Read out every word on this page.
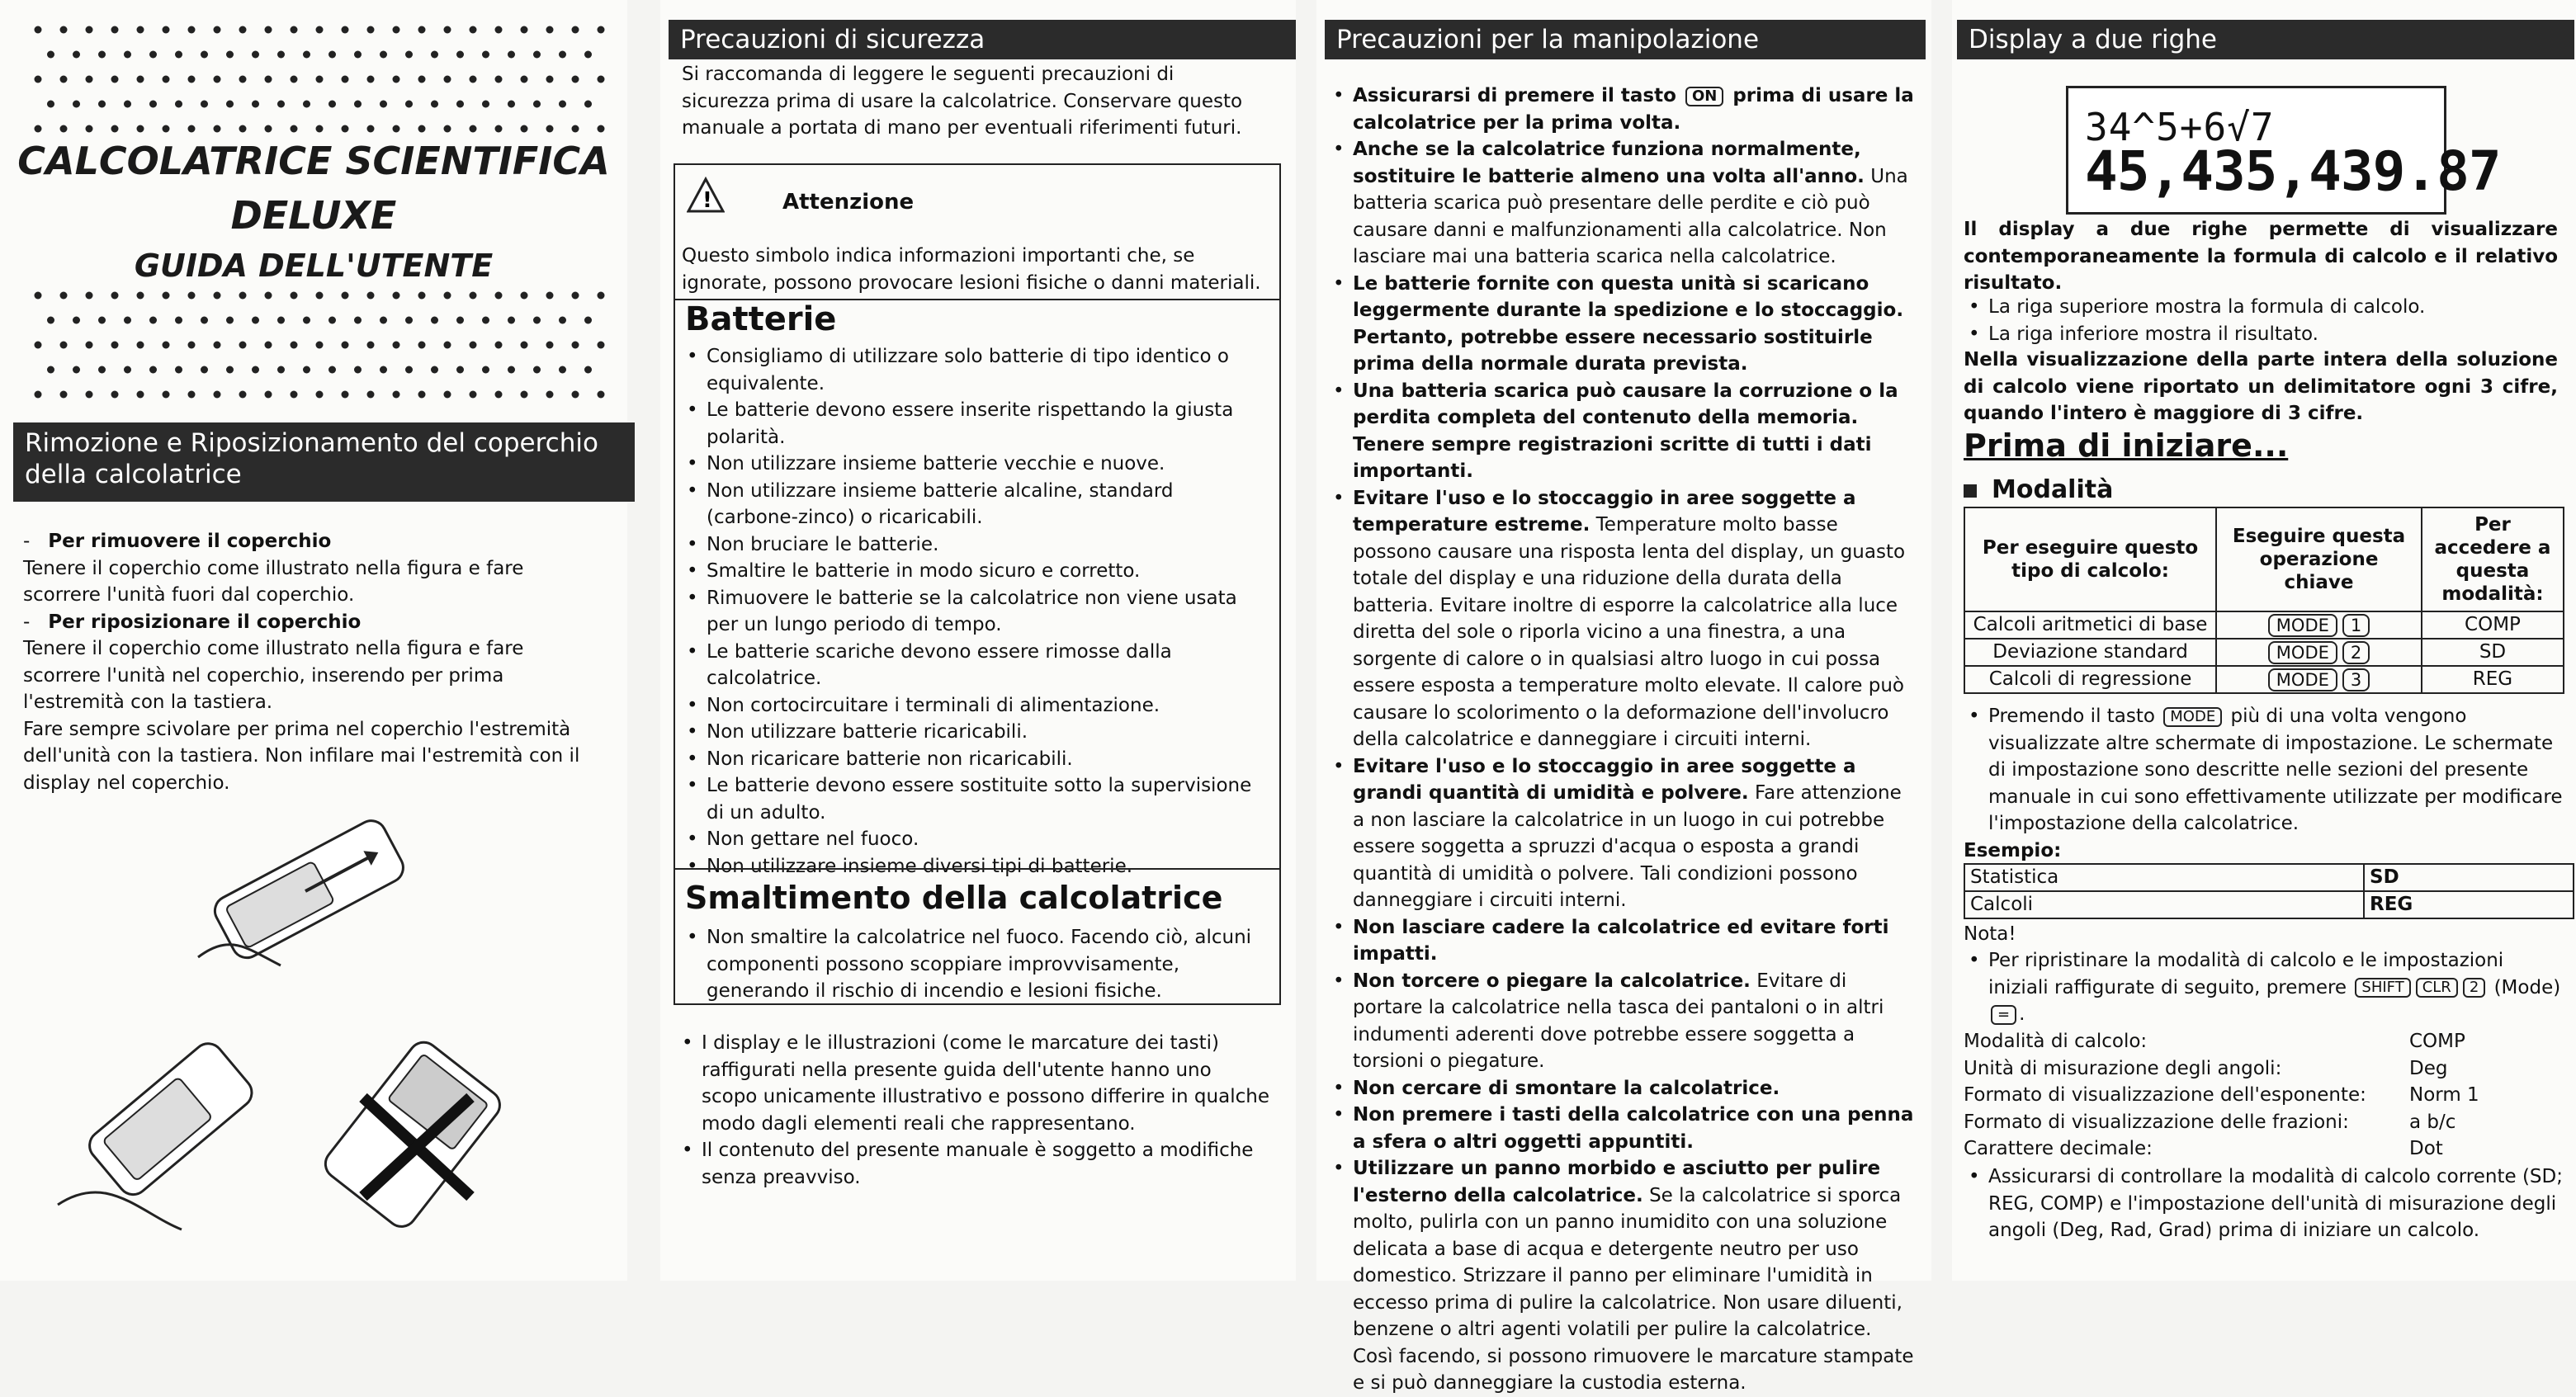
CALCOLATRICE SCIENTIFICA
DELUXE
GUIDA DELL'UTENTE
Rimozione e Riposizionamento del coperchio
della calcolatrice

-   Per rimuovere il coperchio

Tenere il coperchio come illustrato nella figura e fare scorrere l'unità fuori dal coperchio.

-   Per riposizionare il coperchio

Tenere il coperchio come illustrato nella figura e fare scorrere l'unità nel coperchio, inserendo per prima l'estremità con la tastiera.

Fare sempre scivolare per prima nel coperchio l'estremità dell'unità con la tastiera. Non infilare mai l'estremità con il display nel coperchio.

Precauzioni di sicurezza

Si raccomanda di leggere le seguenti precauzioni di sicurezza prima di usare la calcolatrice. Conservare questo manuale a portata di mano per eventuali riferimenti futuri.

!	Attenzione

Questo simbolo indica informazioni importanti che, se ignorate, possono provocare lesioni fisiche o danni materiali.

Batterie
• Consigliamo di utilizzare solo batterie di tipo identico o equivalente.
• Le batterie devono essere inserite rispettando la giusta polarità.
• Non utilizzare insieme batterie vecchie e nuove.
• Non utilizzare insieme batterie alcaline, standard (carbone-zinco) o ricaricabili.
• Non bruciare le batterie.
• Smaltire le batterie in modo sicuro e corretto.
• Rimuovere le batterie se la calcolatrice non viene usata per un lungo periodo di tempo.
• Le batterie scariche devono essere rimosse dalla calcolatrice.
• Non cortocircuitare i terminali di alimentazione.
• Non utilizzare batterie ricaricabili.
• Non ricaricare batterie non ricaricabili.
• Le batterie devono essere sostituite sotto la supervisione di un adulto.
• Non gettare nel fuoco.
• Non utilizzare insieme diversi tipi di batterie.
Smaltimento della calcolatrice
• Non smaltire la calcolatrice nel fuoco. Facendo ciò, alcuni componenti possono scoppiare improvvisamente, generando il rischio di incendio e lesioni fisiche.
• I display e le illustrazioni (come le marcature dei tasti) raffigurati nella presente guida dell'utente hanno uno scopo unicamente illustrativo e possono differire in qualche modo dagli elementi reali che rappresentano.
• Il contenuto del presente manuale è soggetto a modifiche senza preavviso.
Precauzioni per la manipolazione
• Assicurarsi di premere il tasto ON prima di usare la calcolatrice per la prima volta.
• Anche se la calcolatrice funziona normalmente, sostituire le batterie almeno una volta all'anno. Una batteria scarica può presentare delle perdite e ciò può causare danni e malfunzionamenti alla calcolatrice. Non lasciare mai una batteria scarica nella calcolatrice.
• Le batterie fornite con questa unità si scaricano leggermente durante la spedizione e lo stoccaggio. Pertanto, potrebbe essere necessario sostituirle prima della normale durata prevista.
• Una batteria scarica può causare la corruzione o la perdita completa del contenuto della memoria. Tenere sempre registrazioni scritte di tutti i dati importanti.
• Evitare l'uso e lo stoccaggio in aree soggette a temperature estreme. Temperature molto basse possono causare una risposta lenta del display, un guasto totale del display e una riduzione della durata della batteria. Evitare inoltre di esporre la calcolatrice alla luce diretta del sole o riporla vicino a una finestra, a una sorgente di calore o in qualsiasi altro luogo in cui possa essere esposta a temperature molto elevate. Il calore può causare lo scolorimento o la deformazione dell'involucro della calcolatrice e danneggiare i circuiti interni.
• Evitare l'uso e lo stoccaggio in aree soggette a grandi quantità di umidità e polvere. Fare attenzione a non lasciare la calcolatrice in un luogo in cui potrebbe essere soggetta a spruzzi d'acqua o esposta a grandi quantità di umidità o polvere. Tali condizioni possono danneggiare i circuiti interni.
• Non lasciare cadere la calcolatrice ed evitare forti impatti.
• Non torcere o piegare la calcolatrice. Evitare di portare la calcolatrice nella tasca dei pantaloni o in altri indumenti aderenti dove potrebbe essere soggetta a torsioni o piegature.
• Non cercare di smontare la calcolatrice.
• Non premere i tasti della calcolatrice con una penna a sfera o altri oggetti appuntiti.
• Utilizzare un panno morbido e asciutto per pulire l'esterno della calcolatrice. Se la calcolatrice si sporca molto, pulirla con un panno inumidito con una soluzione delicata a base di acqua e detergente neutro per uso domestico. Strizzare il panno per eliminare l'umidità in eccesso prima di pulire la calcolatrice. Non usare diluenti, benzene o altri agenti volatili per pulire la calcolatrice. Così facendo, si possono rimuovere le marcature stampate e si può danneggiare la custodia esterna.
Display a due righe
34^5+6√7
45,435,439.87

Il display a due righe permette di visualizzare contemporaneamente la formula di calcolo e il relativo risultato.

• La riga superiore mostra la formula di calcolo.
• La riga inferiore mostra il risultato.

Nella visualizzazione della parte intera della soluzione di calcolo viene riportato un delimitatore ogni 3 cifre, quando l'intero è maggiore di 3 cifre.

Prima di iniziare...
Modalità
Per eseguire questo tipo di calcolo:	Eseguire questa operazione chiave	Per accedere a questa modalità:
Calcoli aritmetici di base	MODE 1	COMP
Deviazione standard	MODE 2	SD
Calcoli di regressione	MODE 3	REG
• Premendo il tasto MODE più di una volta vengono visualizzate altre schermate di impostazione. Le schermate di impostazione sono descritte nelle sezioni del presente manuale in cui sono effettivamente utilizzate per modificare l'impostazione della calcolatrice.
Esempio:
Statistica	SD
Calcoli	REG
Nota!
• Per ripristinare la modalità di calcolo e le impostazioni iniziali raffigurate di seguito, premere SHIFT CLR 2 (Mode) = .
Modalità di calcolo:	COMP
Unità di misurazione degli angoli:	Deg
Formato di visualizzazione dell'esponente: Norm 1
Formato di visualizzazione delle frazioni:	a b/c
Carattere decimale:	Dot
• Assicurarsi di controllare la modalità di calcolo corrente (SD; REG, COMP) e l'impostazione dell'unità di misurazione degli angoli (Deg, Rad, Grad) prima di iniziare un calcolo.
